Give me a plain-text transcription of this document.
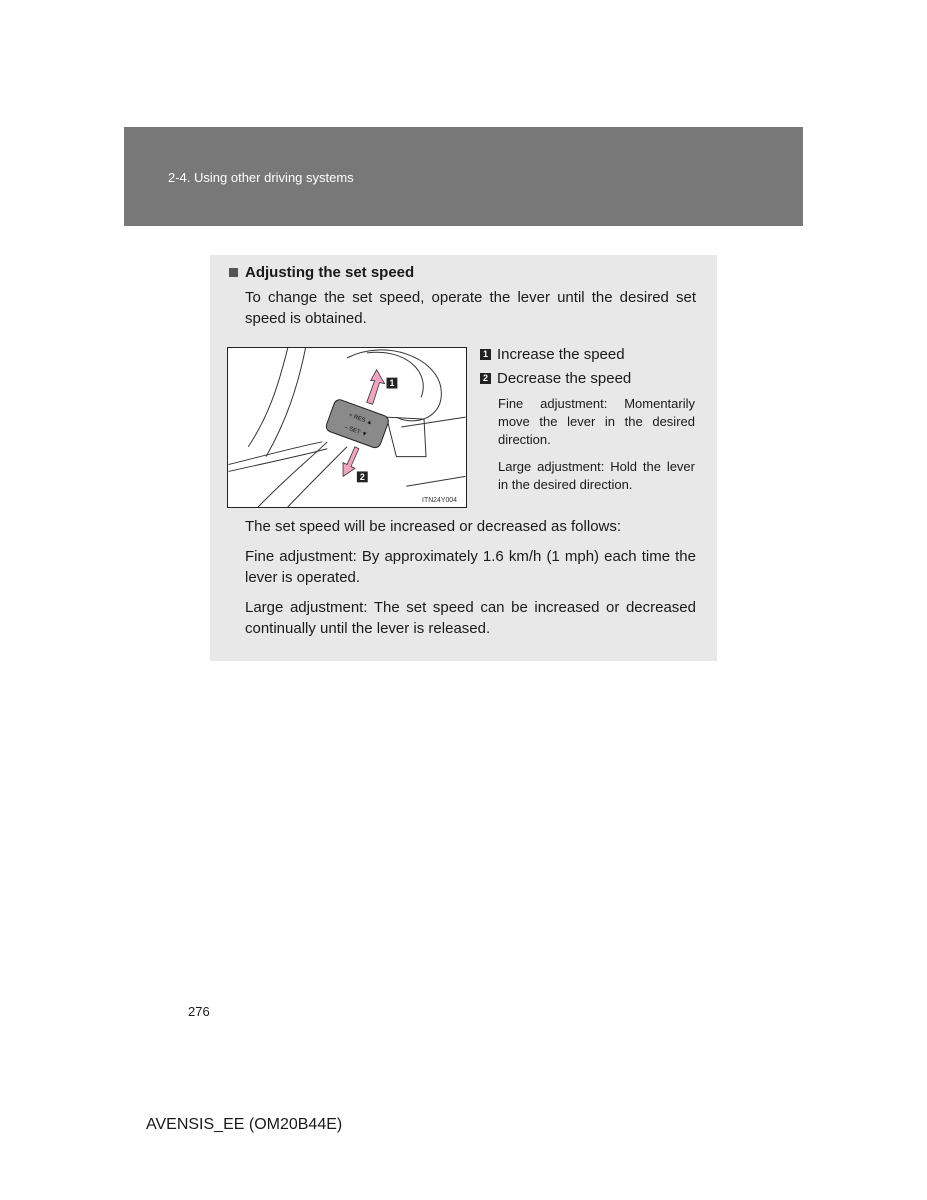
2-4. Using other driving systems
Adjusting the set speed
To change the set speed, operate the lever until the desired set speed is obtained.
+ RES ▲
– SET ▼
1
2
ITN24Y004
1 Increase the speed
2 Decrease the speed
Fine adjustment: Momentarily move the lever in the desired direction.
Large adjustment: Hold the lever in the desired direction.
The set speed will be increased or decreased as follows:
Fine adjustment: By approximately 1.6 km/h (1 mph) each time the lever is operated.
Large adjustment: The set speed can be increased or decreased continually until the lever is released.
276
AVENSIS_EE (OM20B44E)
